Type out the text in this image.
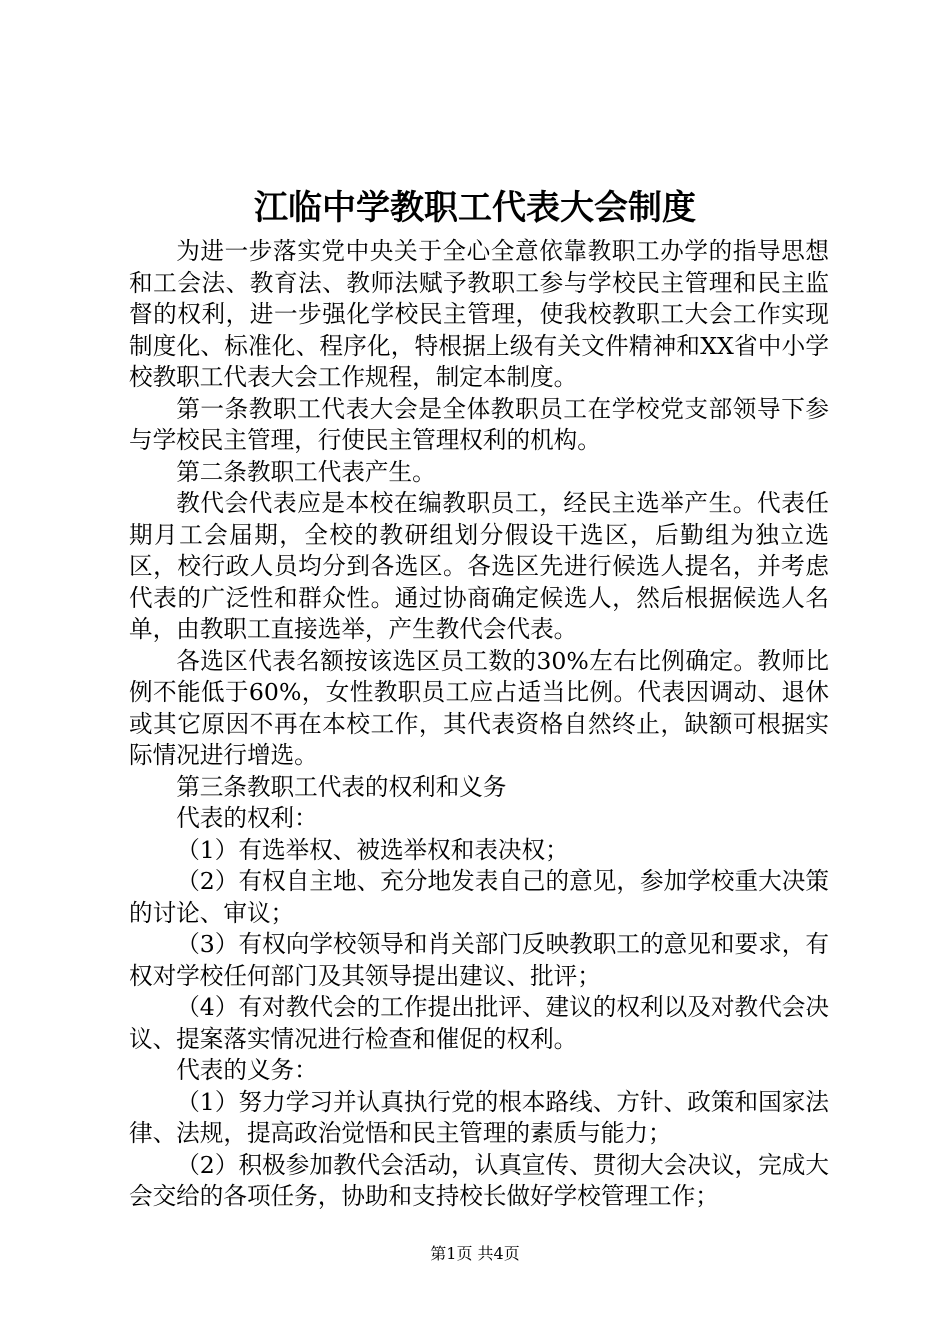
江临中学教职工代表大会制度

为进一步落实党中央关于全心全意依靠教职工办学的指导思想和工会法、教育法、教师法赋予教职工参与学校民主管理和民主监督的权利，进一步强化学校民主管理，使我校教职工大会工作实现制度化、标准化、程序化，特根据上级有关文件精神和XX省中小学校教职工代表大会工作规程，制定本制度。

第一条教职工代表大会是全体教职员工在学校党支部领导下参与学校民主管理，行使民主管理权利的机构。

第二条教职工代表产生。

教代会代表应是本校在编教职员工，经民主选举产生。代表任期月工会届期，全校的教研组划分假设干选区，后勤组为独立选区，校行政人员均分到各选区。各选区先进行候选人提名，并考虑代表的广泛性和群众性。通过协商确定候选人，然后根据候选人名单，由教职工直接选举，产生教代会代表。

各选区代表名额按该选区员工数的30%左右比例确定。教师比例不能低于60%，女性教职员工应占适当比例。代表因调动、退休或其它原因不再在本校工作，其代表资格自然终止，缺额可根据实际情况进行增选。

第三条教职工代表的权利和义务

代表的权利：

（1）有选举权、被选举权和表决权；

（2）有权自主地、充分地发表自己的意见，参加学校重大决策的讨论、审议；

（3）有权向学校领导和肖关部门反映教职工的意见和要求，有权对学校任何部门及其领导提出建议、批评；

（4）有对教代会的工作提出批评、建议的权利以及对教代会决议、提案落实情况进行检查和催促的权利。

代表的义务：

（1）努力学习并认真执行党的根本路线、方针、政策和国家法律、法规，提高政治觉悟和民主管理的素质与能力；

（2）积极参加教代会活动，认真宣传、贯彻大会决议，完成大会交给的各项任务，协助和支持校长做好学校管理工作；

第1页 共4页
